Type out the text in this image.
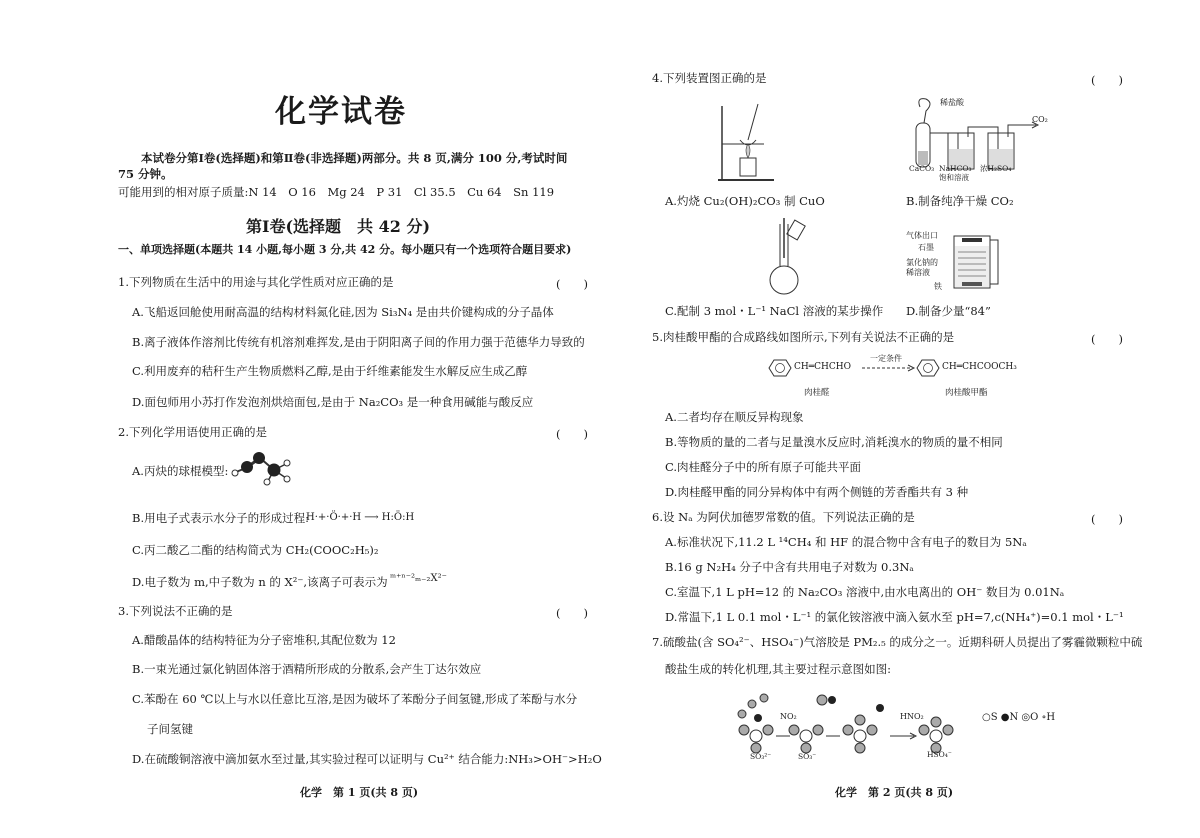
化学试卷
本试卷分第Ⅰ卷(选择题)和第Ⅱ卷(非选择题)两部分。共 8 页,满分 100 分,考试时间
75 分钟。
可能用到的相对原子质量:N 14　O 16　Mg 24　P 31　Cl 35.5　Cu 64　Sn 119
第Ⅰ卷(选择题　共 42 分)
一、单项选择题(本题共 14 小题,每小题 3 分,共 42 分。每小题只有一个选项符合题目要求)
1.下列物质在生活中的用途与其化学性质对应正确的是	(　　)
A.飞船返回舱使用耐高温的结构材料氮化硅,因为 Si₃N₄ 是由共价键构成的分子晶体
B.离子液体作溶剂比传统有机溶剂难挥发,是由于阴阳离子间的作用力强于范德华力导致的
C.利用废弃的秸秆生产生物质燃料乙醇,是由于纤维素能发生水解反应生成乙醇
D.面包师用小苏打作发泡剂烘焙面包,是由于 Na₂CO₃ 是一种食用碱能与酸反应
2.下列化学用语使用正确的是	(　　)
A.丙炔的球棍模型:
B.用电子式表示水分子的形成过程:
H·+·Ö·+·H ⟶ H:Ö:H
C.丙二酸乙二酯的结构简式为 CH₂(COOC₂H₅)₂
D.电子数为 m,中子数为 n 的 X²⁻,该离子可表示为 ᵐ⁺ⁿ⁻²ₘ₋₂X²⁻
3.下列说法不正确的是	(　　)
A.醋酸晶体的结构特征为分子密堆积,其配位数为 12
B.一束光通过氯化钠固体溶于酒精所形成的分散系,会产生丁达尔效应
C.苯酚在 60 ℃以上与水以任意比互溶,是因为破坏了苯酚分子间氢键,形成了苯酚与水分
子间氢键
D.在硫酸铜溶液中滴加氨水至过量,其实验过程可以证明与 Cu²⁺ 结合能力:NH₃>OH⁻>H₂O
化学　第 1 页(共 8 页)
4.下列装置图正确的是	(　　)
稀盐酸
CO₂
CaCO₃ NaHCO₃
饱和溶液
浓H₂SO₄
A.灼烧 Cu₂(OH)₂CO₃ 制 CuO	B.制备纯净干燥 CO₂
气体出口
石墨
氯化钠的
稀溶液
铁
C.配制 3 mol・L⁻¹ NaCl 溶液的某步操作 D.制备少量“84”
5.肉桂酸甲酯的合成路线如图所示,下列有关说法不正确的是	(　　)
CH═CHCHO
一定条件
CH═CHCOOCH₃
肉桂醛	肉桂酸甲酯
A.二者均存在顺反异构现象
B.等物质的量的二者与足量溴水反应时,消耗溴水的物质的量不相同
C.肉桂醛分子中的所有原子可能共平面
D.肉桂醛甲酯的同分异构体中有两个侧链的芳香酯共有 3 种
6.设 Nₐ 为阿伏加德罗常数的值。下列说法正确的是	(　　)
A.标准状况下,11.2 L ¹⁴CH₄ 和 HF 的混合物中含有电子的数目为 5Nₐ
B.16 g N₂H₄ 分子中含有共用电子对数为 0.3Nₐ
C.室温下,1 L pH=12 的 Na₂CO₃ 溶液中,由水电离出的 OH⁻ 数目为 0.01Nₐ
D.常温下,1 L 0.1 mol・L⁻¹ 的氯化铵溶液中滴入氨水至 pH=7,c(NH₄⁺)=0.1 mol・L⁻¹
7.硫酸盐(含 SO₄²⁻、HSO₄⁻)气溶胶是 PM₂.₅ 的成分之一。近期科研人员提出了雾霾微颗粒中硫
酸盐生成的转化机理,其主要过程示意图如图:
NO₂	HNO₂
SO₃²⁻	SO₃⁻	HSO₄⁻
○S ●N ◎O ∘H
化学　第 2 页(共 8 页)
